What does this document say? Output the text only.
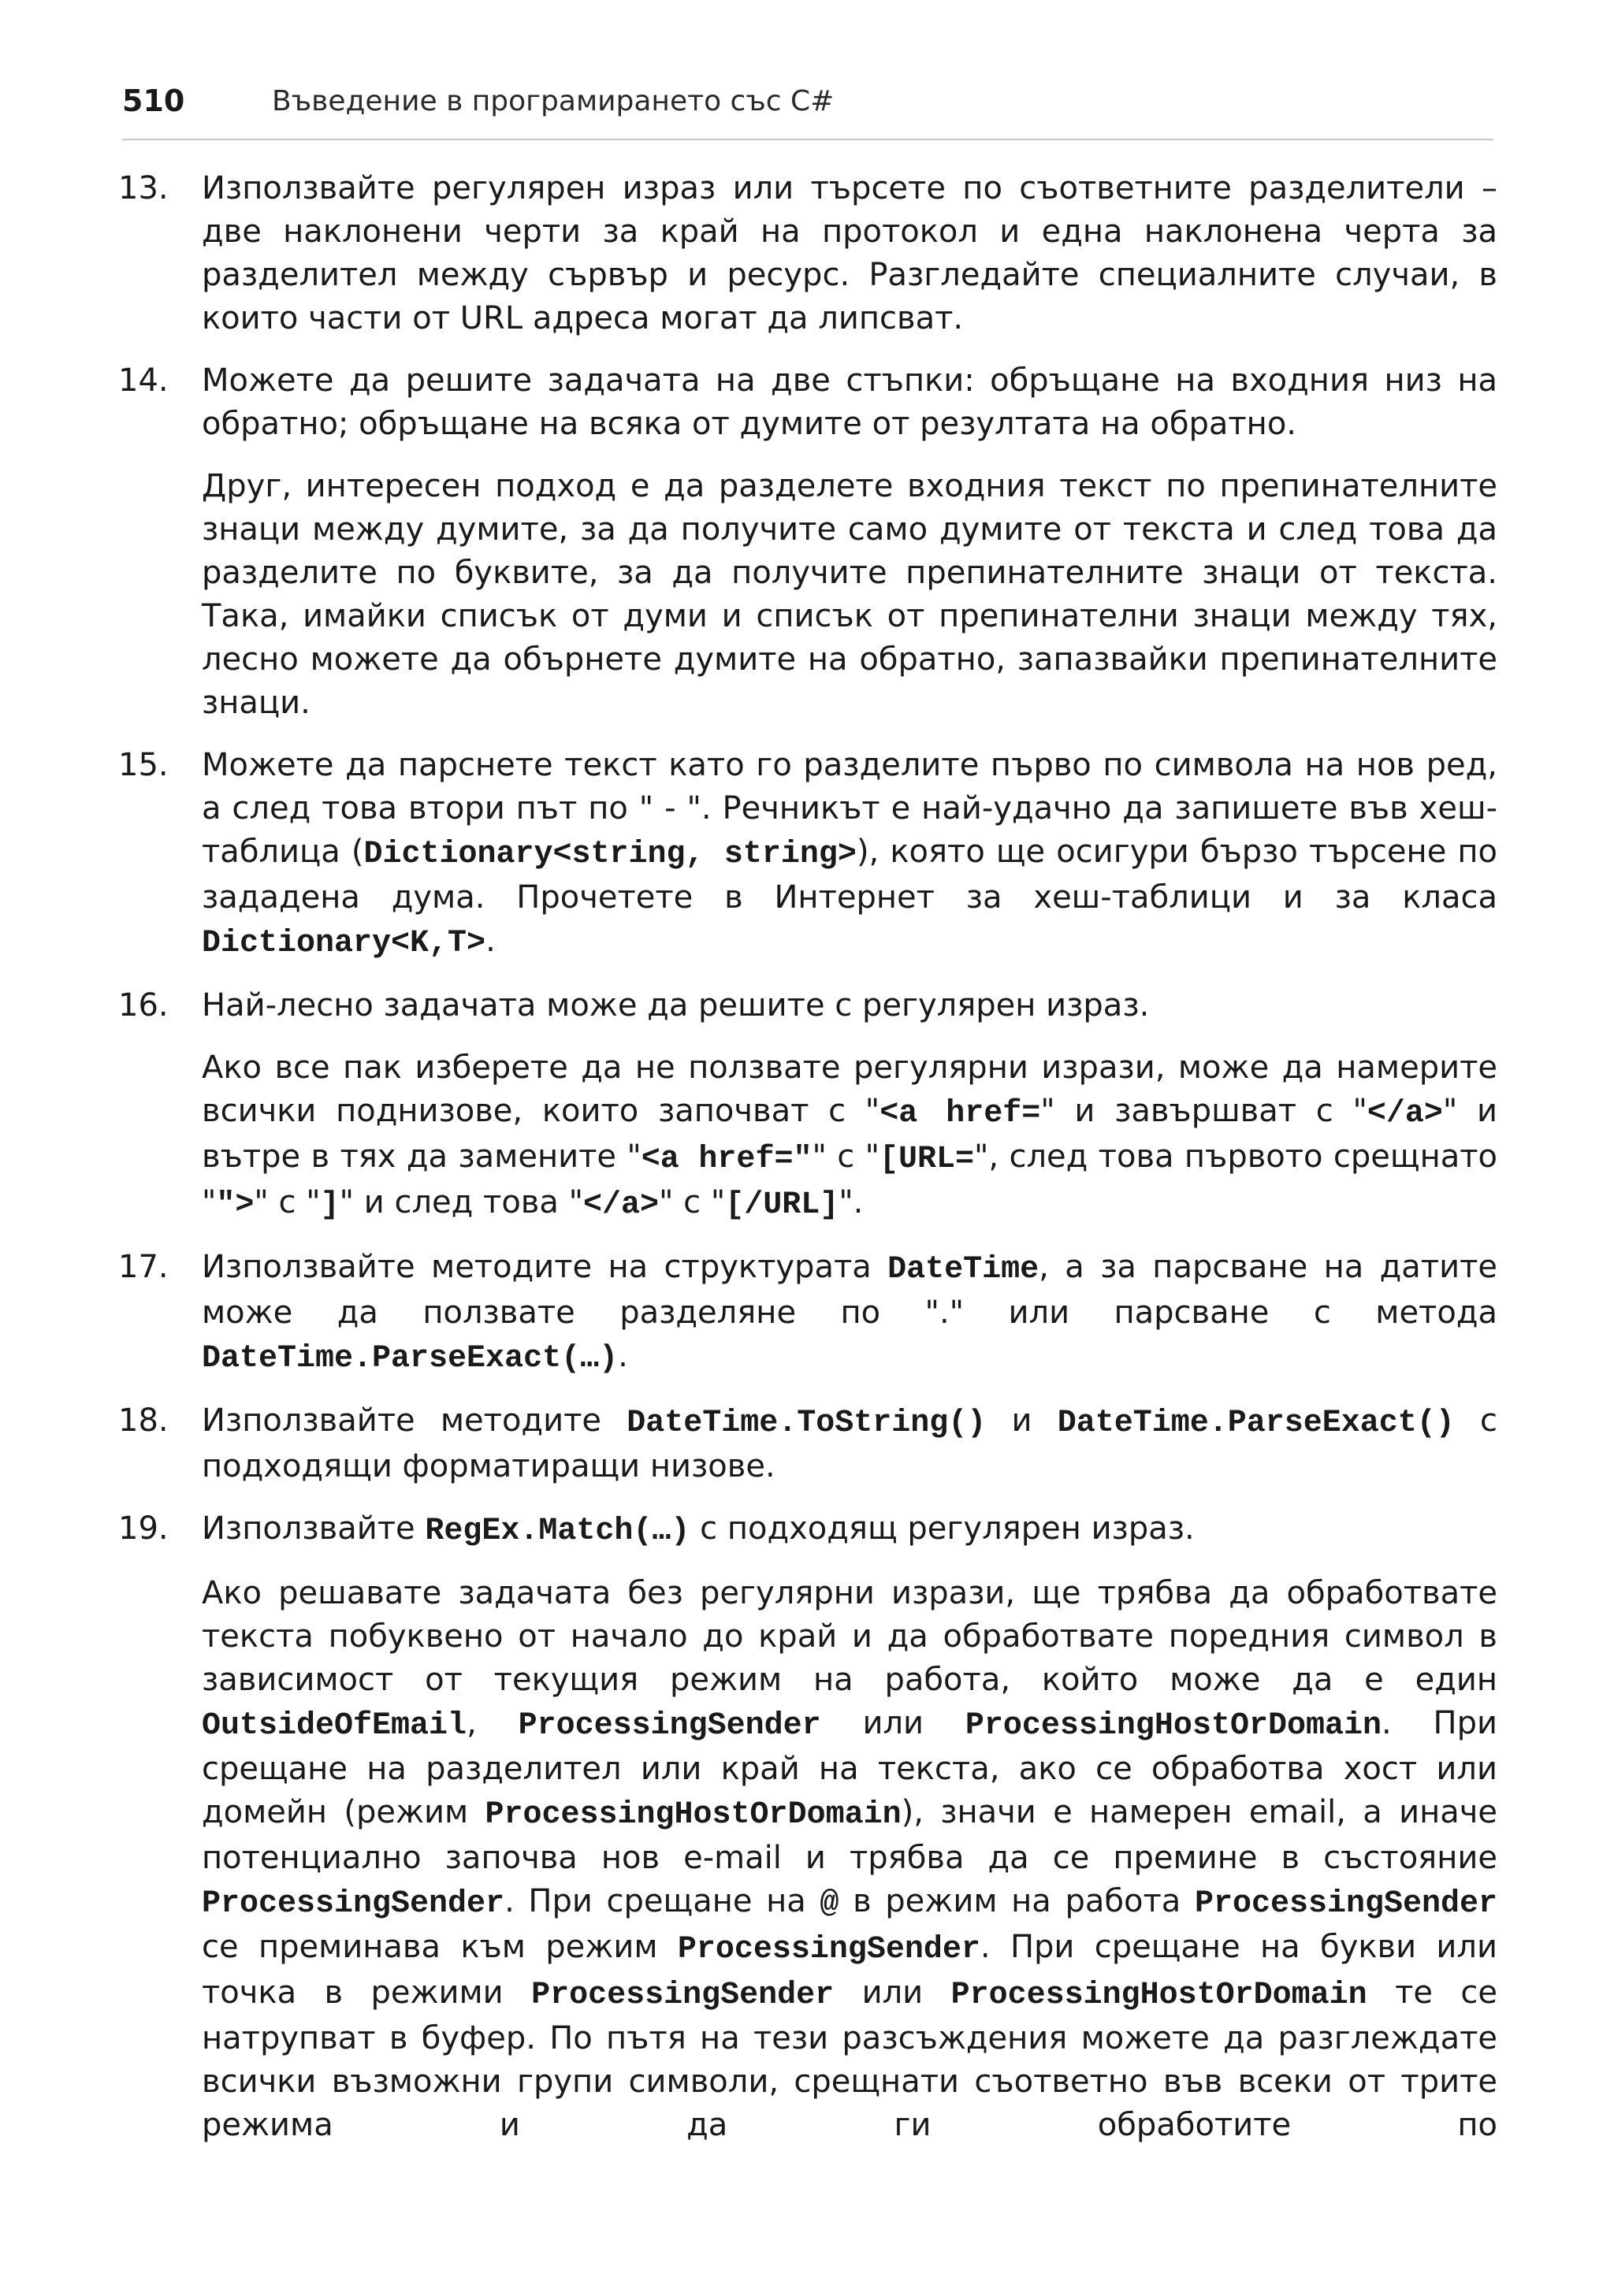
510	Въведение в програмирането със C#
13.	Използвайте регулярен израз или търсете по съответните разделители – две наклонени черти за край на протокол и една наклонена черта за разделител между сървър и ресурс. Разгледайте специалните случаи, в които части от URL адреса могат да липсват.

14.	Можете да решите задачата на две стъпки: обръщане на входния низ на обратно; обръщане на всяка от думите от резултата на обратно.

Друг, интересен подход е да разделете входния текст по препинателните знаци между думите, за да получите само думите от текста и след това да разделите по буквите, за да получите препинателните знаци от текста. Така, имайки списък от думи и списък от препинателни знаци между тях, лесно можете да обърнете думите на обратно, запазвайки препинателните знаци.

15.	Можете да парснете текст като го разделите първо по символа на нов ред, а след това втори път по " - ". Речникът е най-удачно да запишете във хеш-таблица (Dictionary<string, string>), която ще осигури бързо търсене по зададена дума. Прочетете в Интернет за хеш-таблици и за класа Dictionary<K,T>.

16.	Най-лесно задачата може да решите с регулярен израз.

Ако все пак изберете да не ползвате регулярни изрази, може да намерите всички поднизове, които започват с "<a href=" и завършват с "</a>" и вътре в тях да замените "<a href="" с "[URL=", след това първото срещнато "">" с "]" и след това "</a>" с "[/URL]".

17.	Използвайте методите на структурата DateTime, а за парсване на датите може да ползвате разделяне по "." или парсване с метода DateTime.ParseExact(…).

18.	Използвайте методите DateTime.ToString() и DateTime.ParseExact() с подходящи форматиращи низове.

19.	Използвайте RegEx.Match(…) с подходящ регулярен израз.

Ако решавате задачата без регулярни изрази, ще трябва да обработвате текста побуквено от начало до край и да обработвате поредния символ в зависимост от текущия режим на работа, който може да е един OutsideOfEmail, ProcessingSender или ProcessingHostOrDomain. При срещане на разделител или край на текста, ако се обработва хост или домейн (режим ProcessingHostOrDomain), значи е намерен email, а иначе потенциално започва нов e-mail и трябва да се премине в състояние ProcessingSender. При срещане на @ в режим на работа ProcessingSender се преминава към режим ProcessingSender. При срещане на букви или точка в режими ProcessingSender или ProcessingHostOrDomain те се натрупват в буфер. По пътя на тези разсъждения можете да разглеждате всички възможни групи символи, срещнати съответно във всеки от трите режима и да ги обработите по
